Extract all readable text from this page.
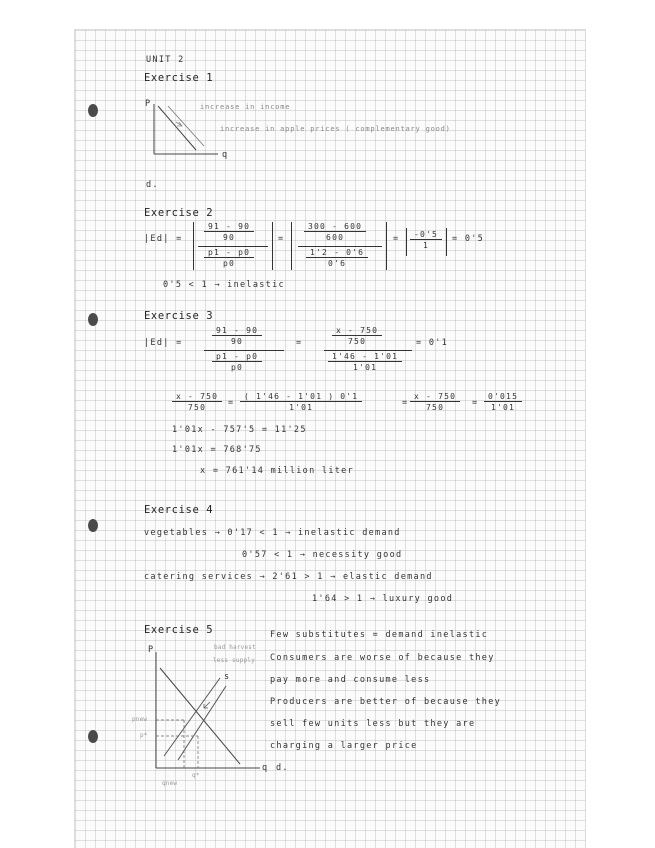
UNIT 2
Exercise 1
P
q
increase in income
increase in apple prices ( complementary good)
d.
Exercise 2
|Ed| =	$\frac{91 - 90}{90}$
$\frac{p1 - p0}{p0}$
= $\frac{300 - 600}{600}$
$\frac{1'2 - 0'6}{0'6}$
= $\frac{-0'5}{1} = 0'5$
0'5 < 1 → inelastic
Exercise 3
|Ed| =	$\frac{91 - 90}{90}$
$\frac{p1 - p0}{p0}$
=	$\frac{x - 750}{750}$
$\frac{1'46 - 1'01}{1'01}$
= 0'1
$\frac{x - 750}{750} = \frac{( 1'46 - 1'01 ) 0'1}{1'01}$	= $\frac{x - 750}{750} = \frac{0'015}{1'01}$
1'01x - 757'5 = 11'25
1'01x = 768'75
x = 761'14 million liter
Exercise 4
vegetables → 0'17 < 1 → inelastic demand
0'57 < 1 → necessity good
catering services → 2'61 > 1 → elastic demand
1'64 > 1 → luxury good
Exercise 5
bad harvest
less supply
P
s
pnew
p*
qnew
q*
q d.
Few substitutes = demand inelastic
Consumers are worse of because they
pay more and consume less
Producers are better of because they
sell few units less but they are
charging a larger price
